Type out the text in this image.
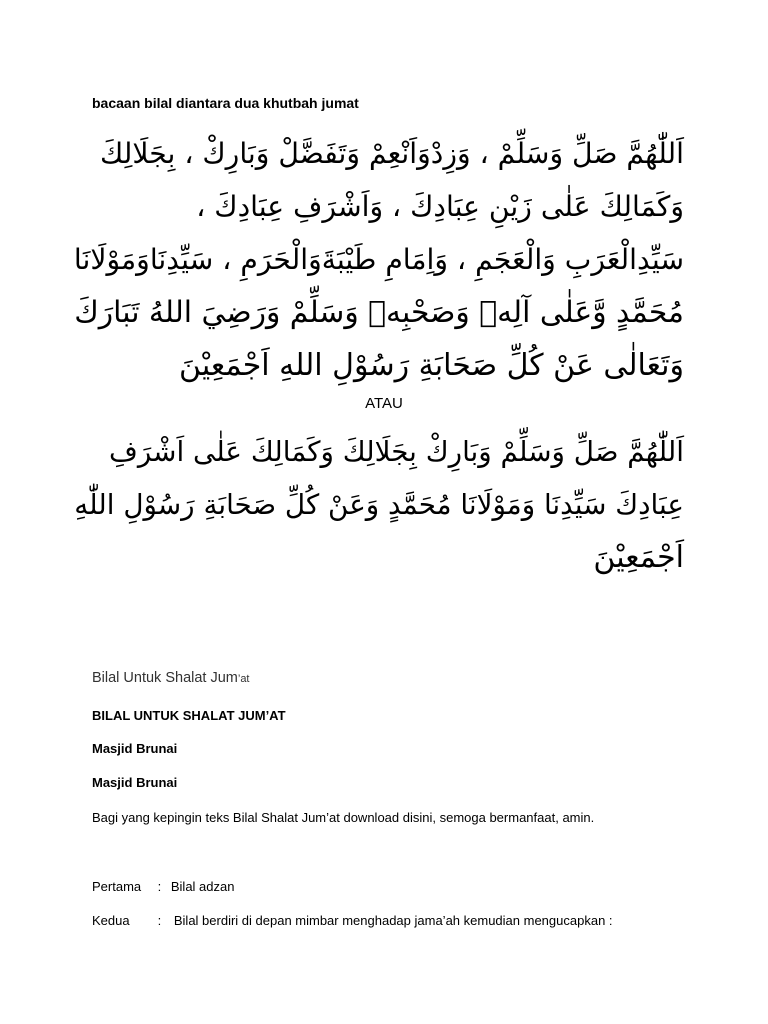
bacaan bilal diantara dua khutbah jumat
اَللّٰهُمَّ صَلِّ وَسَلِّمْ ، وَزِدْوَاَنْعِمْ وَتَفَضَّلْ وَبَارِكْ ، بِجَلَالِكَ
وَكَمَالِكَ عَلٰى زَيْنِ عِبَادِكَ ، وَاَشْرَفِ عِبَادِكَ ،
سَيِّدِالْعَرَبِ وَالْعَجَمِ ، وَاِمَامِ طَيْبَةَوَالْحَرَمِ ، سَيِّدِنَاوَمَوْلَانَا
مُحَمَّدٍ وَّعَلٰى آلِهٖ وَصَحْبِهٖ وَسَلِّمْ وَرَضِيَ اللهُ تَبَارَكَ
وَتَعَالٰى عَنْ كُلِّ صَحَابَةِ رَسُوْلِ اللهِ اَجْمَعِيْنَ
ATAU
اَللّٰهُمَّ صَلِّ وَسَلِّمْ وَبَارِكْ بِجَلَالِكَ وَكَمَالِكَ عَلٰى اَشْرَفِ
عِبَادِكَ سَيِّدِنَا وَمَوْلَانَا مُحَمَّدٍ وَعَنْ كُلِّ صَحَابَةِ رَسُوْلِ اللّٰهِ
اَجْمَعِيْنَ
Bilal Untuk Shalat Jum’at
BILAL UNTUK SHALAT JUM’AT
Masjid Brunai
Masjid Brunai
Bagi yang kepingin teks Bilal Shalat Jum’at download disini, semoga bermanfaat, amin.
Pertama : Bilal adzan
Kedua : Bilal berdiri di depan mimbar menghadap jama’ah kemudian mengucapkan :
